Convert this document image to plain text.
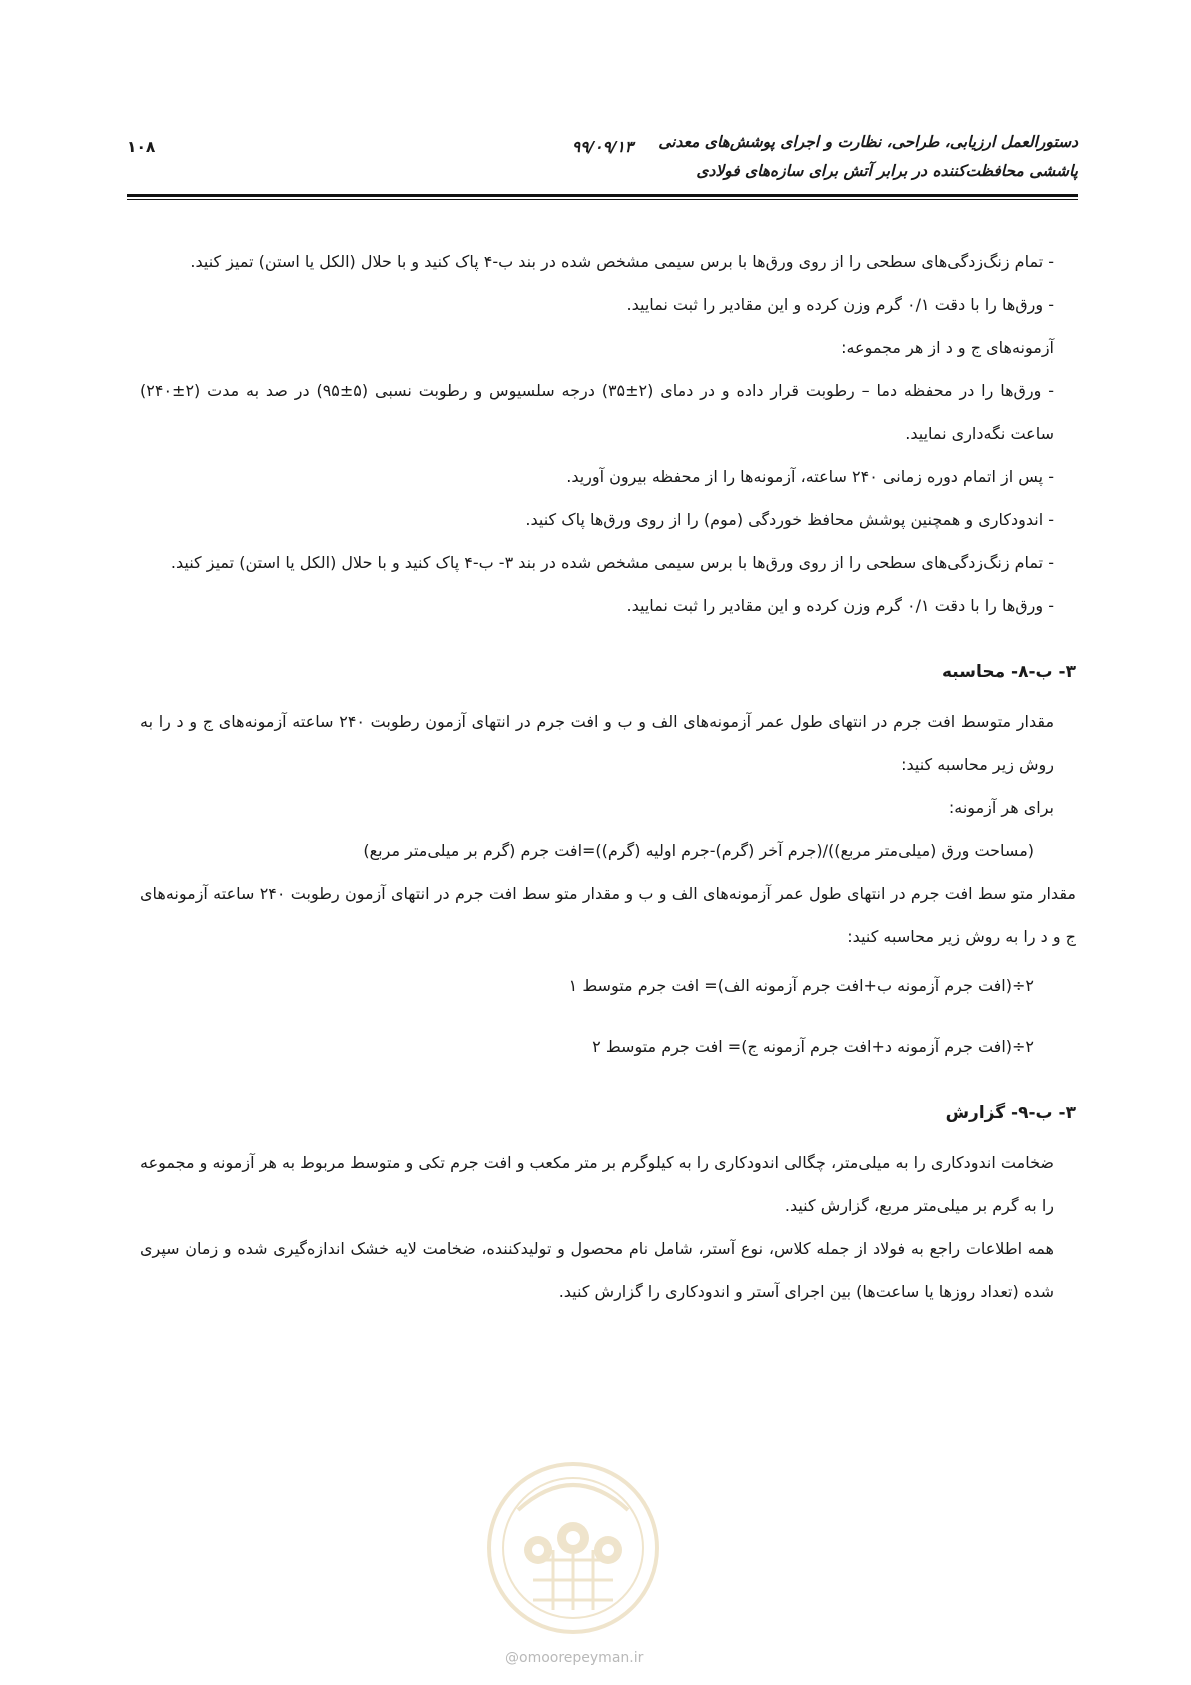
دستورالعمل ارزیابی، طراحی، نظارت و اجرای پوشش‌های معدنی
پاششی محافظت‌کننده در برابر آتش برای سازه‌های فولادی
۹۹/۰۹/۱۳
۱۰۸

- تمام زنگ‌زدگی‌های سطحی را از روی ورق‌ها با برس سیمی مشخص شده در بند ب-۴ پاک کنید و با حلال (الکل یا استن) تمیز کنید.

- ورق‌ها را با دقت ۰/۱ گرم وزن کرده و این مقادیر را ثبت نمایید.

آزمونه‌های ج و د از هر مجموعه:

- ورق‌ها را در محفظه دما – رطوبت قرار داده و در دمای (۲±۳۵) درجه سلسیوس و رطوبت نسبی (۵±۹۵) در صد به مدت (۲±۲۴۰) ساعت نگه‌داری نمایید.

- پس از اتمام دوره زمانی ۲۴۰ ساعته، آزمونه‌ها را از محفظه بیرون آورید.

- اندودکاری و همچنین پوشش محافظ خوردگی (موم) را از روی ورق‌ها پاک کنید.

- تمام زنگ‌زدگی‌های سطحی را از روی ورق‌ها با برس سیمی مشخص شده در بند ۳- ب-۴ پاک کنید و با حلال (الکل یا استن) تمیز کنید.

- ورق‌ها را با دقت ۰/۱ گرم وزن کرده و این مقادیر را ثبت نمایید.

۳- ب-۸- محاسبه

مقدار متوسط افت جرم در انتهای طول عمر آزمونه‌های الف و ب و افت جرم در انتهای آزمون رطوبت ۲۴۰ ساعته آزمونه‌های ج و د را به روش زیر محاسبه کنید:

برای هر آزمونه:

(مساحت ورق (میلی‌متر مربع))/(جرم آخر (گرم)-جرم اولیه (گرم))=افت جرم (گرم بر میلی‌متر مربع)

مقدار متو سط افت جرم در انتهای طول عمر آزمونه‌های الف و ب و مقدار متو سط افت جرم در انتهای آزمون رطوبت ۲۴۰ ساعته آزمونه‌های ج و د را به روش زیر محاسبه کنید:

۲÷(افت جرم آزمونه ب+افت جرم آزمونه الف)= افت جرم متوسط ۱

۲÷(افت جرم آزمونه د+افت جرم آزمونه ج)= افت جرم متوسط ۲

۳- ب-۹- گزارش

ضخامت اندودکاری را به میلی‌متر، چگالی اندودکاری را به کیلوگرم بر متر مکعب و افت جرم تکی و متوسط مربوط به هر آزمونه و مجموعه را به گرم بر میلی‌متر مربع، گزارش کنید.

همه اطلاعات راجع به فولاد از جمله کلاس، نوع آستر، شامل نام محصول و تولیدکننده، ضخامت لایه خشک اندازه‌گیری شده و زمان سپری شده (تعداد روزها یا ساعت‌ها) بین اجرای آستر و اندودکاری را گزارش کنید.

@omoorepeyman.ir
